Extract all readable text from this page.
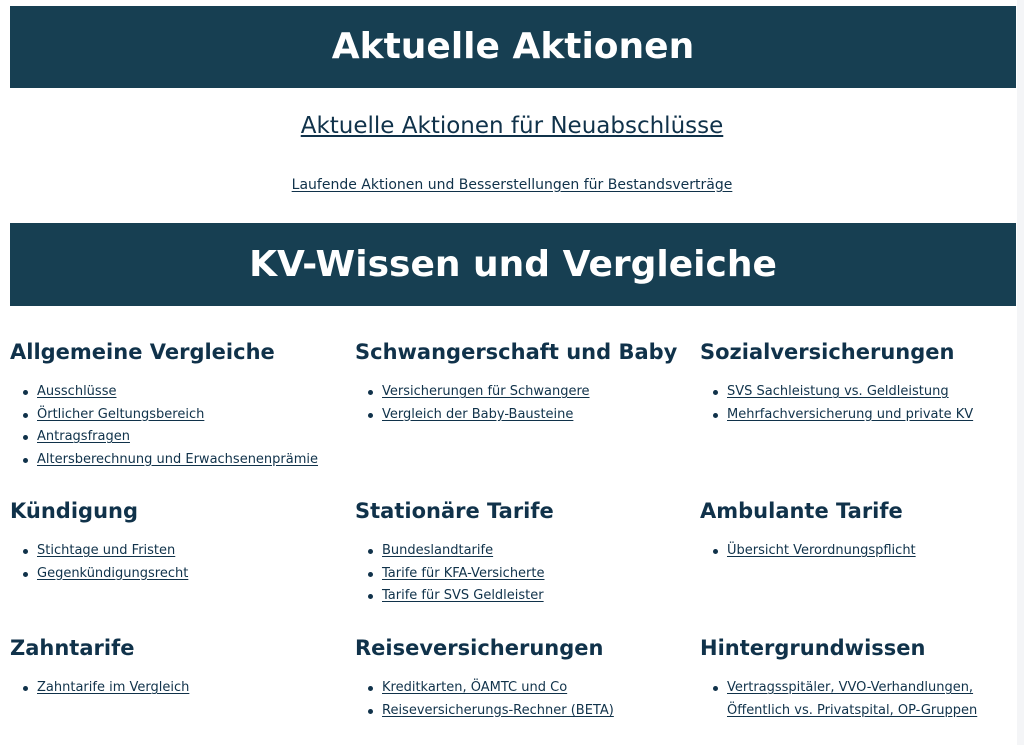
Aktuelle Aktionen
Aktuelle Aktionen für Neuabschlüsse
Laufende Aktionen und Besserstellungen für Bestandsverträge
KV-Wissen und Vergleiche
Allgemeine Vergleiche
Ausschlüsse
Örtlicher Geltungsbereich
Antragsfragen
Altersberechnung und Erwachsenenprämie
Schwangerschaft und Baby
Versicherungen für Schwangere
Vergleich der Baby-Bausteine
Sozialversicherungen
SVS Sachleistung vs. Geldleistung
Mehrfachversicherung und private KV
Kündigung
Stichtage und Fristen
Gegenkündigungsrecht
Stationäre Tarife
Bundeslandtarife
Tarife für KFA-Versicherte
Tarife für SVS Geldleister
Ambulante Tarife
Übersicht Verordnungspflicht
Zahntarife
Zahntarife im Vergleich
Reiseversicherungen
Kreditkarten, ÖAMTC und Co
Reiseversicherungs-Rechner (BETA)
Hintergrundwissen
Vertragsspitäler, VVO-Verhandlungen, Öffentlich vs. Privatspital, OP-Gruppen
